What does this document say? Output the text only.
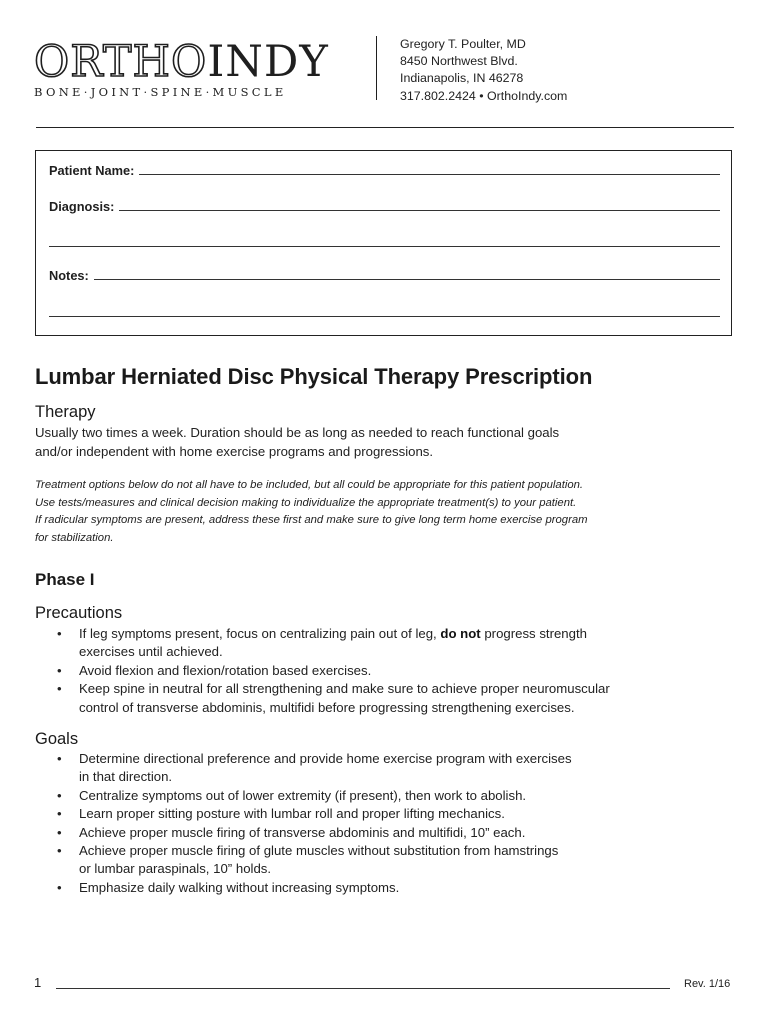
ORTHOINDY
BONE·JOINT·SPINE·MUSCLE
Gregory T. Poulter, MD
8450 Northwest Blvd.
Indianapolis, IN 46278
317.802.2424 • OrthoIndy.com
Patient Name:
Diagnosis:
Notes:
Lumbar Herniated Disc Physical Therapy Prescription
Therapy
Usually two times a week. Duration should be as long as needed to reach functional goals
and/or independent with home exercise programs and progressions.
Treatment options below do not all have to be included, but all could be appropriate for this patient population.
Use tests/measures and clinical decision making to individualize the appropriate treatment(s) to your patient.
If radicular symptoms are present, address these first and make sure to give long term home exercise program
for stabilization.
Phase I
Precautions
• If leg symptoms present, focus on centralizing pain out of leg, do not progress strength
exercises until achieved.
• Avoid flexion and flexion/rotation based exercises.
• Keep spine in neutral for all strengthening and make sure to achieve proper neuromuscular
control of transverse abdominis, multifidi before progressing strengthening exercises.
Goals
• Determine directional preference and provide home exercise program with exercises
in that direction.
• Centralize symptoms out of lower extremity (if present), then work to abolish.
• Learn proper sitting posture with lumbar roll and proper lifting mechanics.
• Achieve proper muscle firing of transverse abdominis and multifidi, 10” each.
• Achieve proper muscle firing of glute muscles without substitution from hamstrings
or lumbar paraspinals, 10” holds.
• Emphasize daily walking without increasing symptoms.
1	Rev. 1/16
